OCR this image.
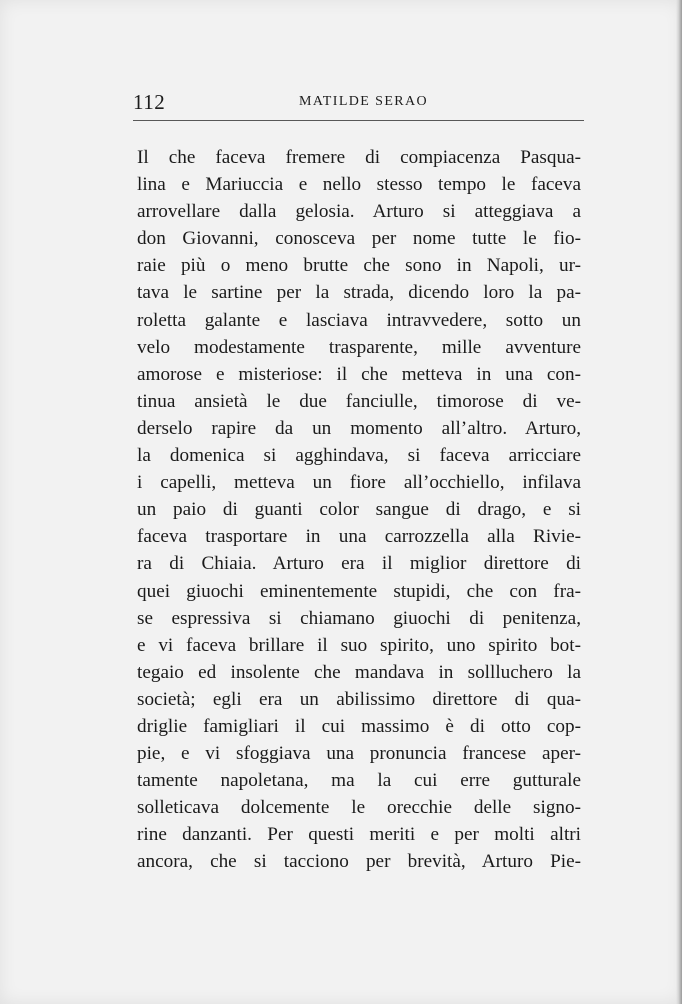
112	MATILDE SERAO
Il che faceva fremere di compiacenza Pasqua-
lina e Mariuccia e nello stesso tempo le faceva
arrovellare dalla gelosia. Arturo si atteggiava a
don Giovanni, conosceva per nome tutte le fio-
raie più o meno brutte che sono in Napoli, ur-
tava le sartine per la strada, dicendo loro la pa-
roletta galante e lasciava intravvedere, sotto un
velo modestamente trasparente, mille avventure
amorose e misteriose: il che metteva in una con-
tinua ansietà le due fanciulle, timorose di ve-
derselo rapire da un momento all’altro. Arturo,
la domenica si agghindava, si faceva arricciare
i capelli, metteva un fiore all’occhiello, infilava
un paio di guanti color sangue di drago, e si
faceva trasportare in una carrozzella alla Rivie-
ra di Chiaia. Arturo era il miglior direttore di
quei giuochi eminentemente stupidi, che con fra-
se espressiva si chiamano giuochi di penitenza,
e vi faceva brillare il suo spirito, uno spirito bot-
tegaio ed insolente che mandava in sollluchero la
società; egli era un abilissimo direttore di qua-
driglie famigliari il cui massimo è di otto cop-
pie, e vi sfoggiava una pronuncia francese aper-
tamente napoletana, ma la cui erre gutturale
solleticava dolcemente le orecchie delle signo-
rine danzanti. Per questi meriti e per molti altri
ancora, che si tacciono per brevità, Arturo Pie-
